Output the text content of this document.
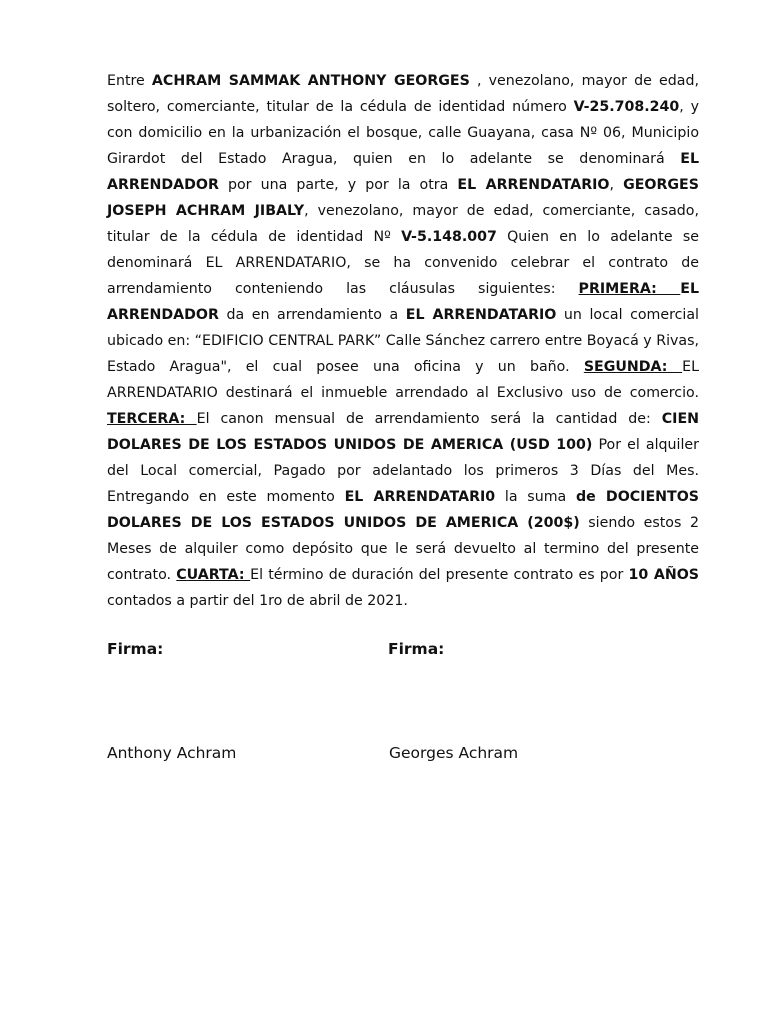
Entre ACHRAM SAMMAK ANTHONY GEORGES , venezolano, mayor de edad, soltero, comerciante, titular de la cédula de identidad número V-25.708.240, y con domicilio en la urbanización el bosque, calle Guayana, casa Nº 06, Municipio Girardot del Estado Aragua, quien en lo adelante se denominará EL ARRENDADOR por una parte, y por la otra EL ARRENDATARIO, GEORGES JOSEPH ACHRAM JIBALY, venezolano, mayor de edad, comerciante, casado, titular de la cédula de identidad Nº V-5.148.007 Quien en lo adelante se denominará EL ARRENDATARIO, se ha convenido celebrar el contrato de arrendamiento conteniendo las cláusulas siguientes: PRIMERA: EL ARRENDADOR da en arrendamiento a EL ARRENDATARIO un local comercial ubicado en: “EDIFICIO CENTRAL PARK” Calle Sánchez carrero entre Boyacá y Rivas, Estado Aragua", el cual posee una oficina y un baño. SEGUNDA: EL ARRENDATARIO destinará el inmueble arrendado al Exclusivo uso de comercio. TERCERA: El canon mensual de arrendamiento será la cantidad de: CIEN DOLARES DE LOS ESTADOS UNIDOS DE AMERICA (USD 100) Por el alquiler del Local comercial, Pagado por adelantado los primeros 3 Días del Mes. Entregando en este momento EL ARRENDATARI0 la suma de DOCIENTOS DOLARES DE LOS ESTADOS UNIDOS DE AMERICA (200$) siendo estos 2 Meses de alquiler como depósito que le será devuelto al termino del presente contrato. CUARTA: El término de duración del presente contrato es por 10 AÑOS contados a partir del 1ro de abril de 2021.

Firma:	Firma:
Anthony Achram	Georges Achram
